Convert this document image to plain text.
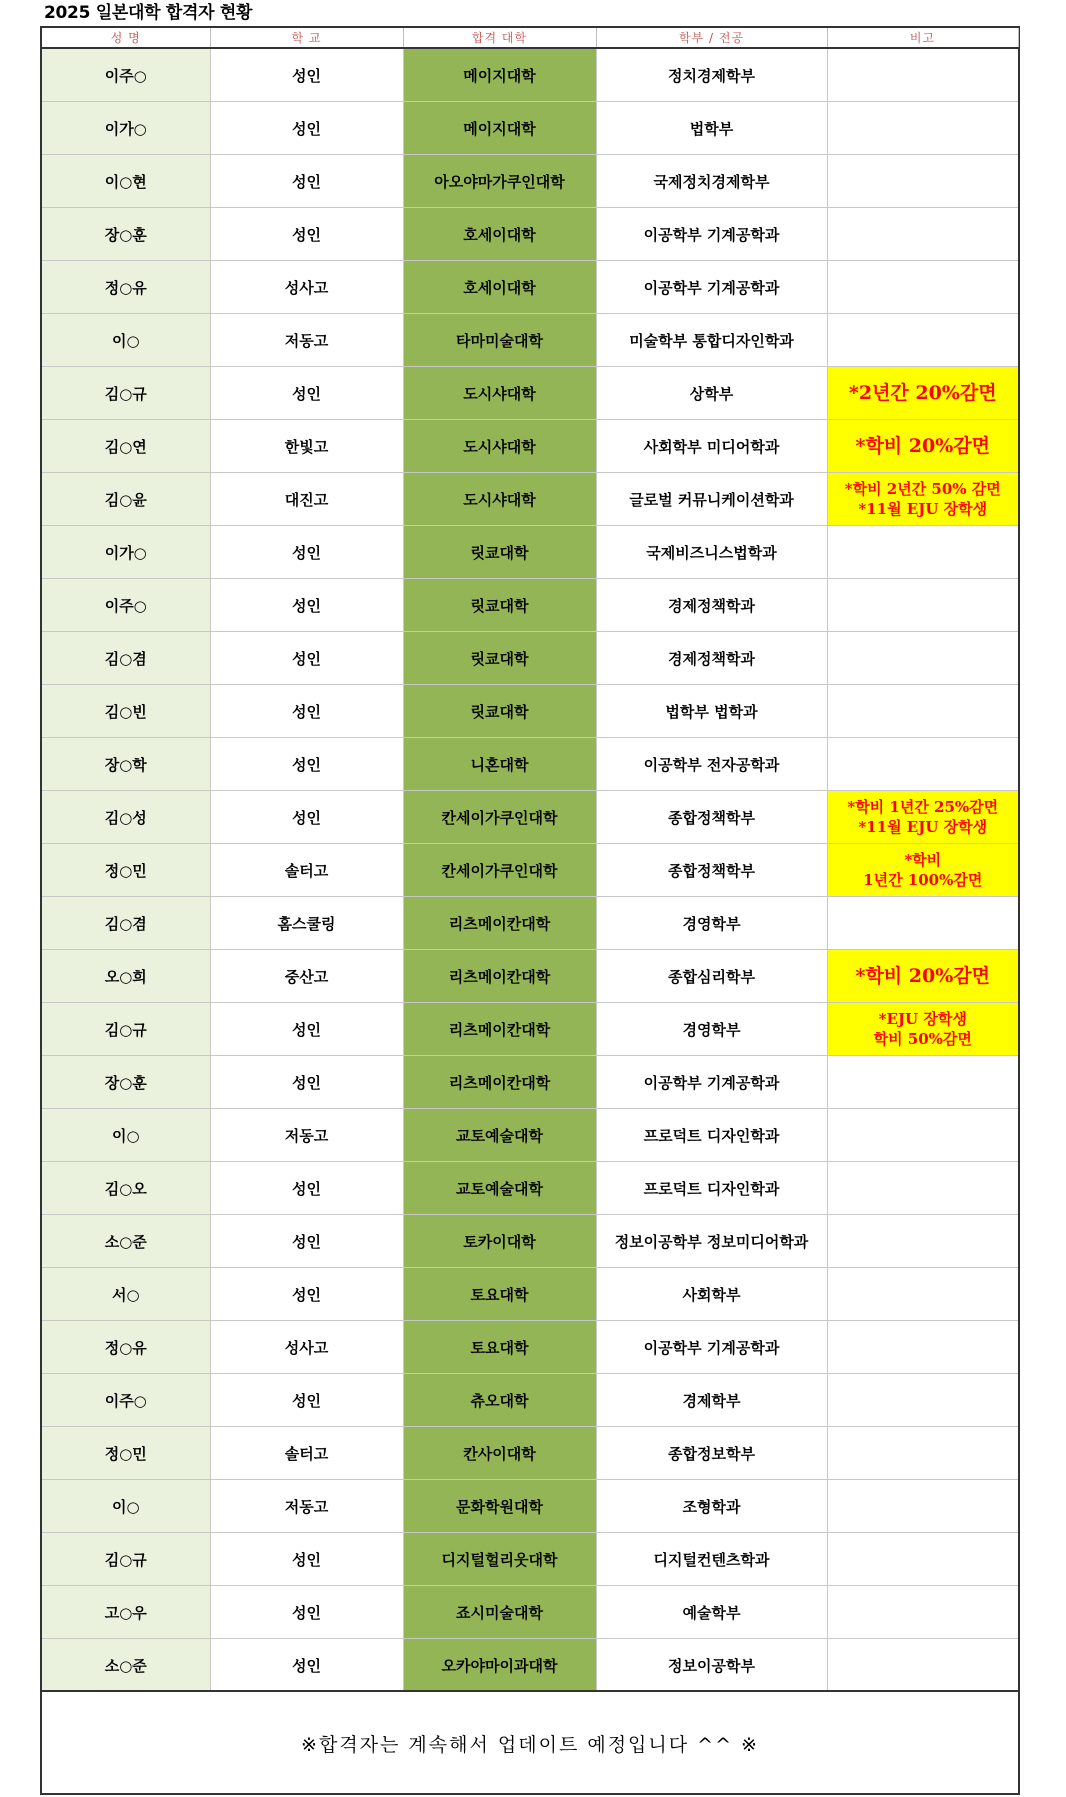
2025 일본대학 합격자 현황
성 명	학 교	합격 대학	학부 / 전공	비고
이주○	성인	메이지대학	정치경제학부	
이가○	성인	메이지대학	법학부	
이○현	성인	아오야마가쿠인대학	국제정치경제학부	
장○훈	성인	호세이대학	이공학부 기계공학과	
정○유	성사고	호세이대학	이공학부 기계공학과	
이○	저동고	타마미술대학	미술학부 통합디자인학과	
김○규	성인	도시샤대학	상학부	*2년간 20%감면

김○연	한빛고	도시샤대학	사회학부 미디어학과	*학비 20%감면

김○윤	대진고	도시샤대학	글로벌 커뮤니케이션학과	*학비 2년간 50% 감면
*11월 EJU 장학생

이가○	성인	릿쿄대학	국제비즈니스법학과	
이주○	성인	릿쿄대학	경제정책학과	
김○겸	성인	릿쿄대학	경제정책학과	
김○빈	성인	릿쿄대학	법학부 법학과	
장○학	성인	니혼대학	이공학부 전자공학과	
김○성	성인	칸세이가쿠인대학	종합정책학부	*학비 1년간 25%감면
*11월 EJU 장학생

정○민	솔터고	칸세이가쿠인대학	종합정책학부	*학비
1년간 100%감면

김○겸	홈스쿨링	리츠메이칸대학	경영학부	
오○희	중산고	리츠메이칸대학	종합심리학부	*학비 20%감면

김○규	성인	리츠메이칸대학	경영학부	*EJU 장학생
학비 50%감면

장○훈	성인	리츠메이칸대학	이공학부 기계공학과	
이○	저동고	교토예술대학	프로덕트 디자인학과	
김○오	성인	교토예술대학	프로덕트 디자인학과	
소○준	성인	토카이대학	정보이공학부 정보미디어학과	
서○	성인	토요대학	사회학부	
정○유	성사고	토요대학	이공학부 기계공학과	
이주○	성인	츄오대학	경제학부	
정○민	솔터고	칸사이대학	종합정보학부	
이○	저동고	문화학원대학	조형학과	
김○규	성인	디지털헐리웃대학	디지털컨텐츠학과	
고○우	성인	죠시미술대학	예술학부	
소○준	성인	오카야마이과대학	정보이공학부	
※합격자는 계속해서 업데이트 예정입니다 ^^ ※
